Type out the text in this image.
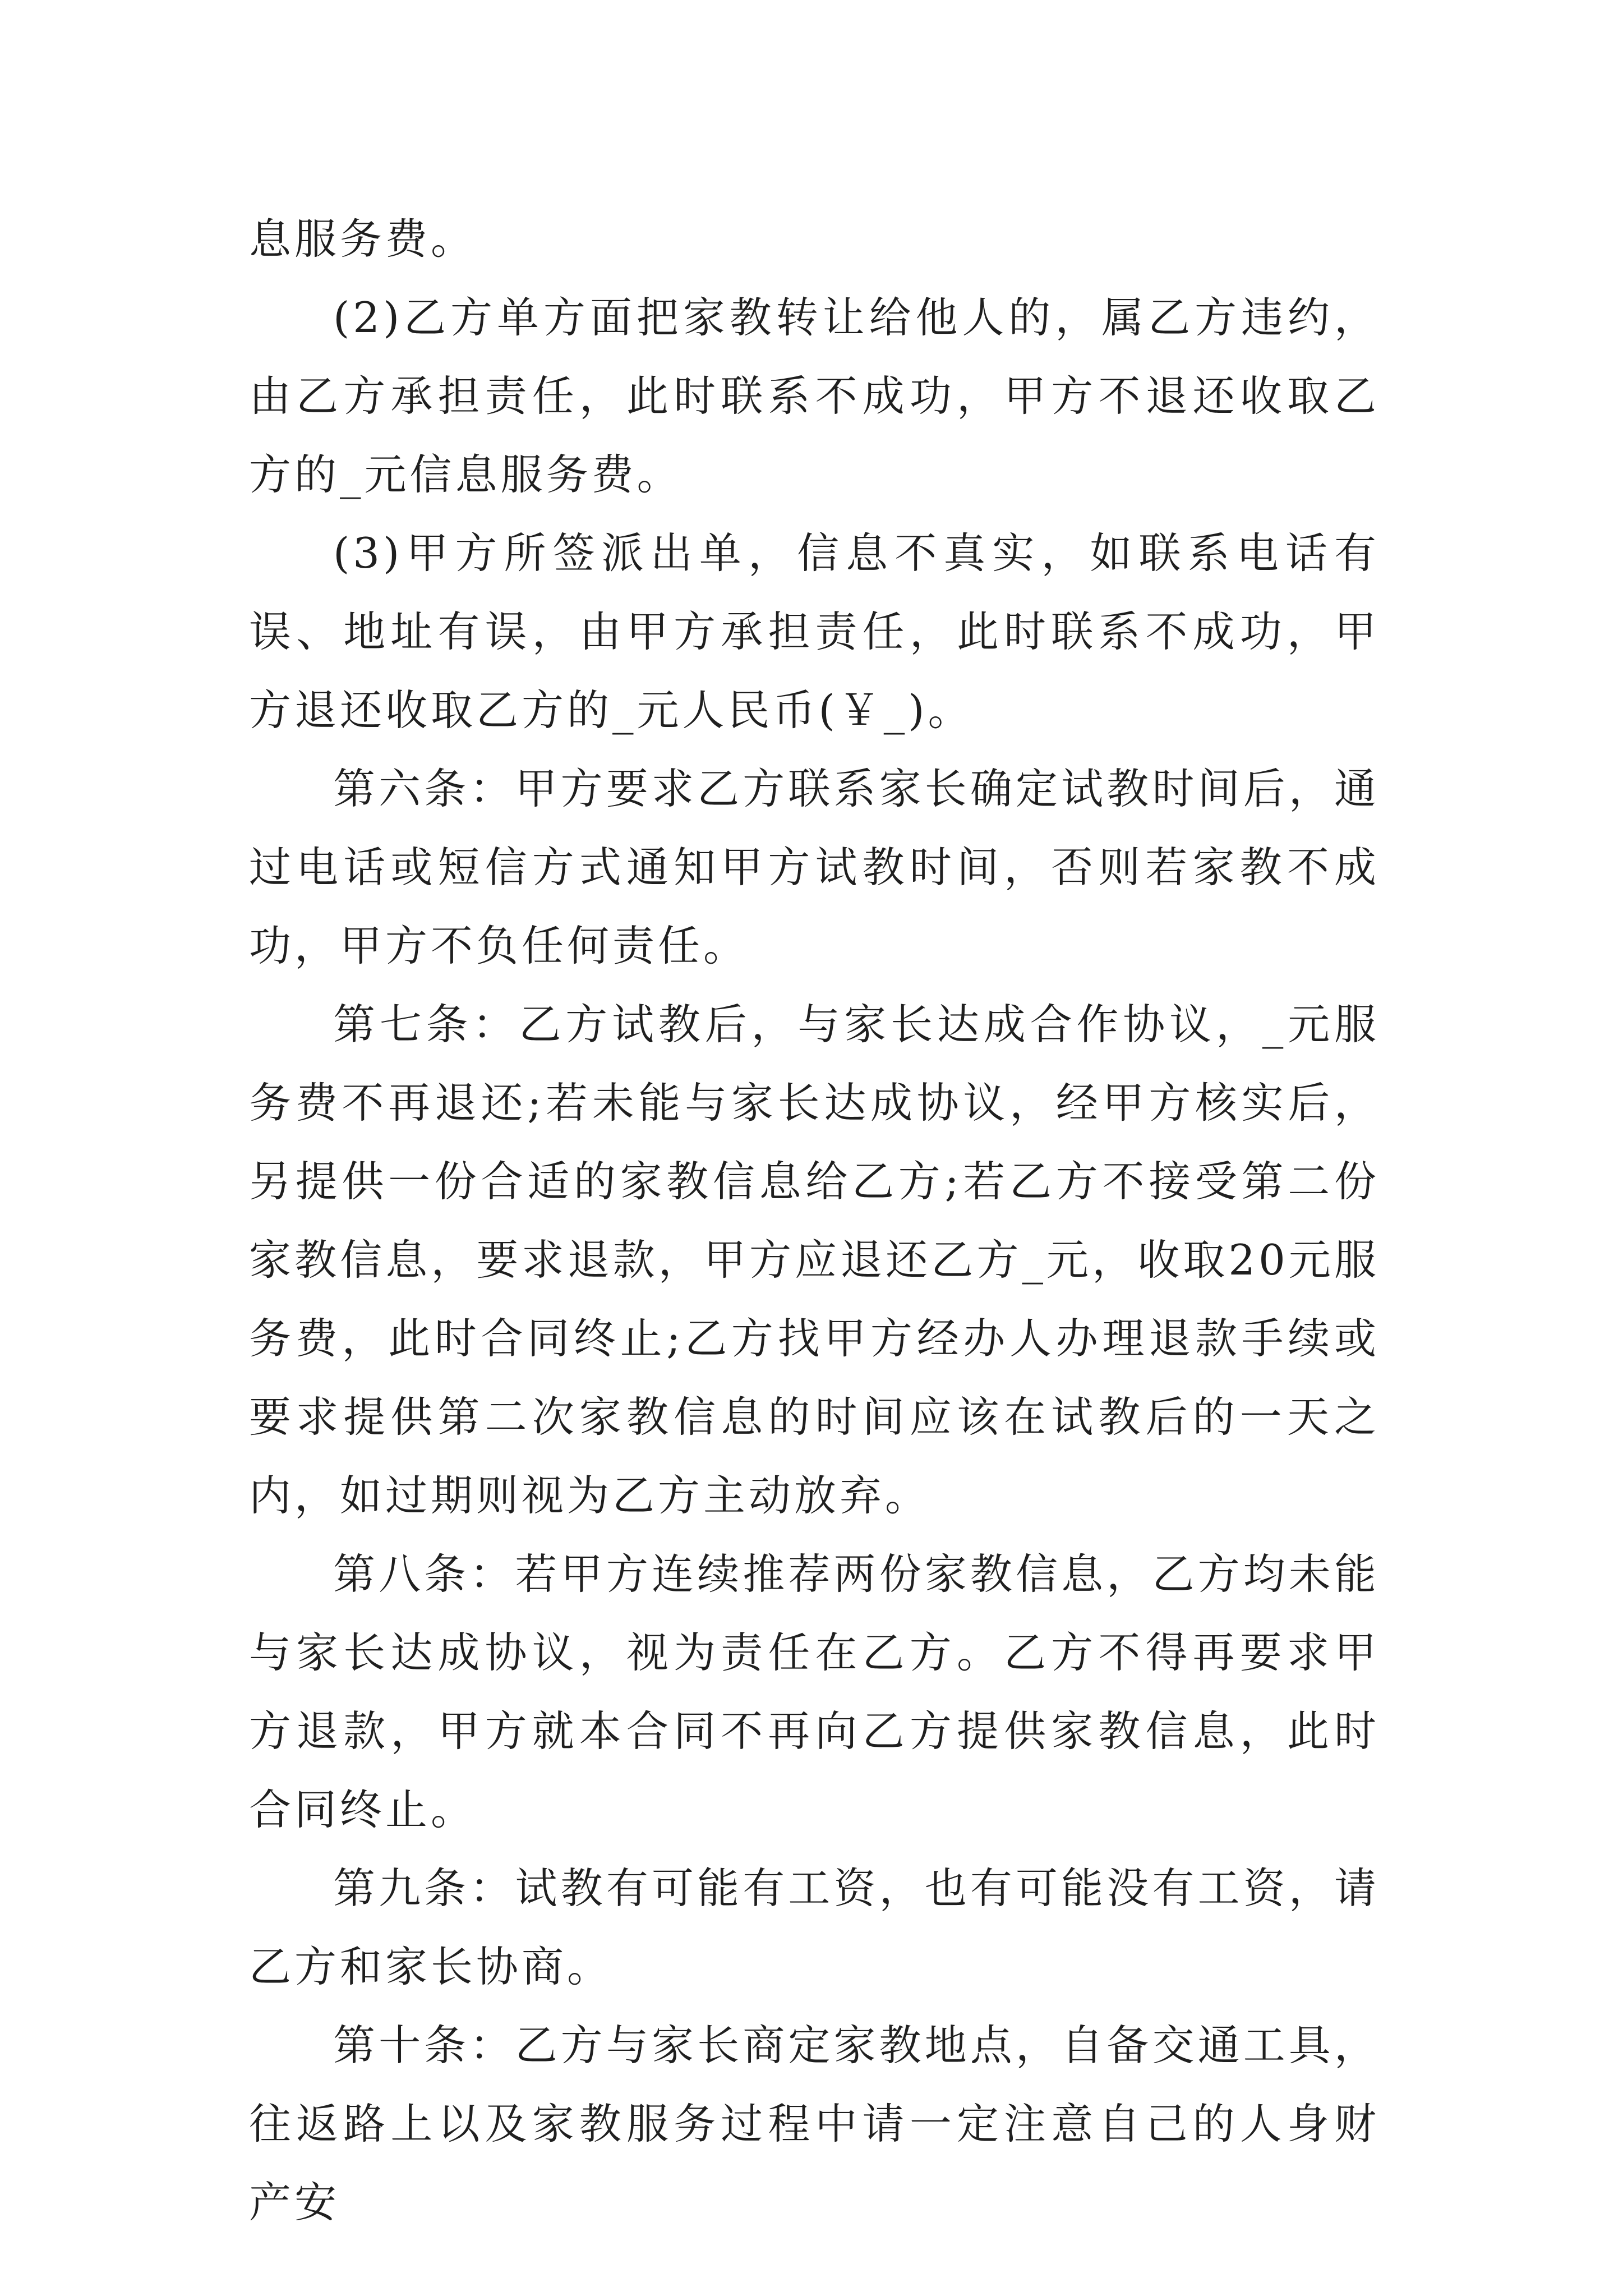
息服务费。

(2)乙方单方面把家教转让给他人的，属乙方违约，由乙方承担责任，此时联系不成功，甲方不退还收取乙方的_元信息服务费。

(3)甲方所签派出单，信息不真实，如联系电话有误、地址有误，由甲方承担责任，此时联系不成功，甲方退还收取乙方的_元人民币(￥_)。

第六条：甲方要求乙方联系家长确定试教时间后，通过电话或短信方式通知甲方试教时间，否则若家教不成功，甲方不负任何责任。

第七条：乙方试教后，与家长达成合作协议，_元服务费不再退还;若未能与家长达成协议，经甲方核实后，另提供一份合适的家教信息给乙方;若乙方不接受第二份家教信息，要求退款，甲方应退还乙方_元，收取20元服务费，此时合同终止;乙方找甲方经办人办理退款手续或要求提供第二次家教信息的时间应该在试教后的一天之内，如过期则视为乙方主动放弃。

第八条：若甲方连续推荐两份家教信息，乙方均未能与家长达成协议，视为责任在乙方。乙方不得再要求甲方退款，甲方就本合同不再向乙方提供家教信息，此时合同终止。

第九条：试教有可能有工资，也有可能没有工资，请乙方和家长协商。

第十条：乙方与家长商定家教地点，自备交通工具，往返路上以及家教服务过程中请一定注意自己的人身财产安
